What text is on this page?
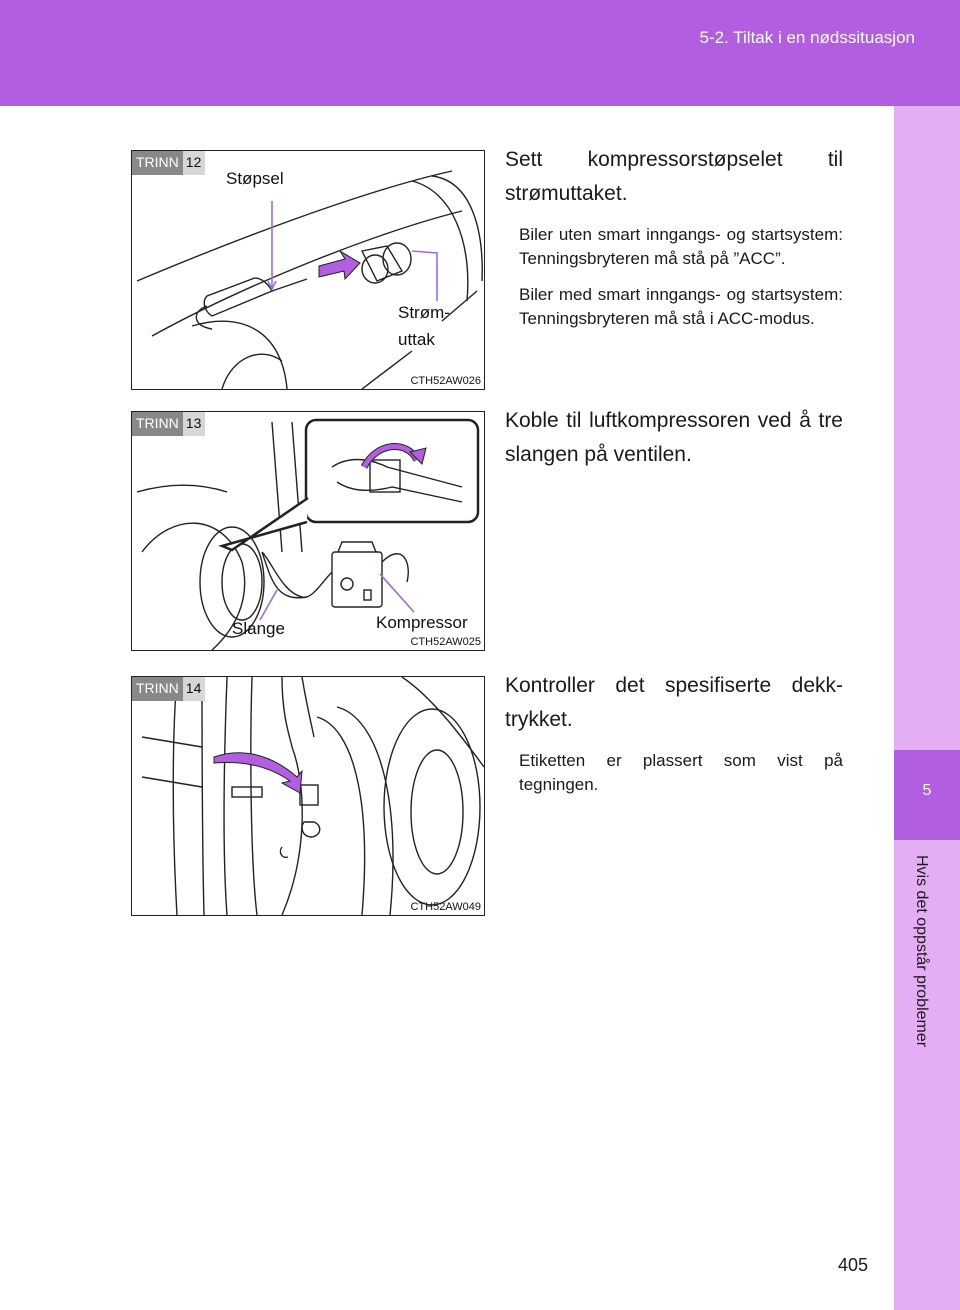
5-2. Tiltak i en nødssituasjon
5
Hvis det oppstår problemer
TRINN 12
Støpsel
Strøm-
uttak
CTH52AW026

Sett kompressorstøpselet til strømuttaket.

Biler uten smart inngangs- og startsystem: Tenningsbryteren må stå på ”ACC”.

Biler med smart inngangs- og startsystem: Tenningsbryteren må stå i ACC-modus.

TRINN 13
Slange	Kompressor
CTH52AW025

Koble til luftkompressoren ved å tre slangen på ventilen.

TRINN 14
CTH52AW049

Kontroller det spesifiserte dekk-trykket.

Etiketten er plassert som vist på tegningen.

405
